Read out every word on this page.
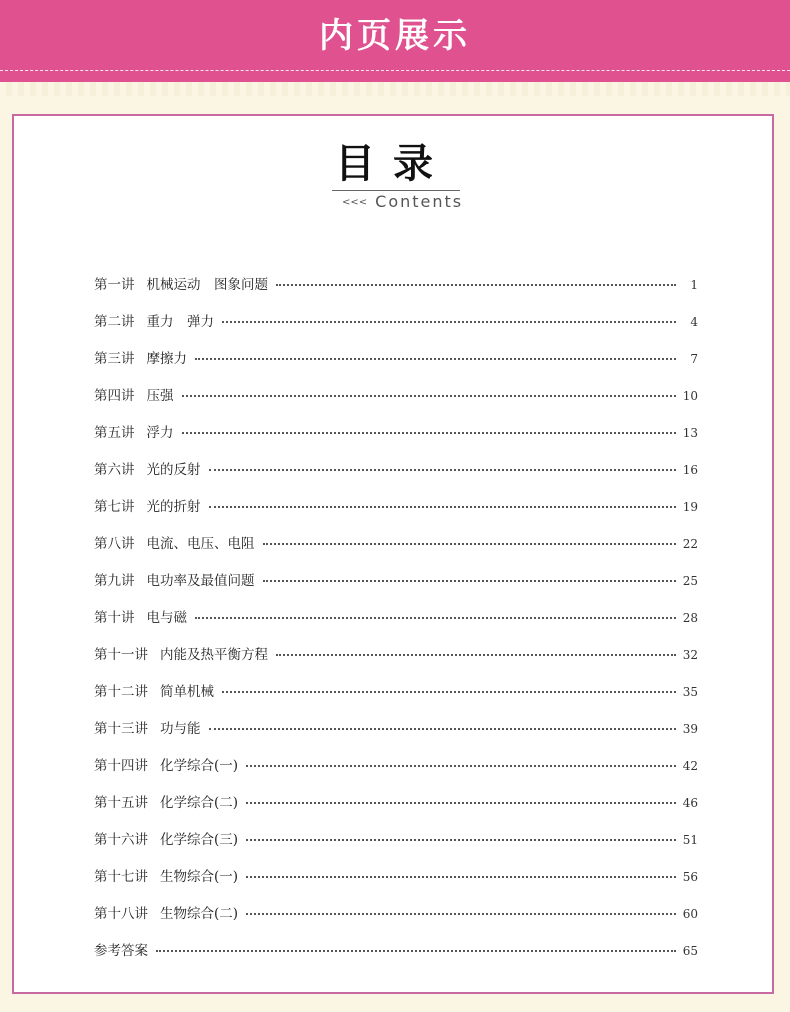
内页展示
目录
<<< Contents
第一讲 机械运动　图象问题	1
第二讲 重力　弹力	4
第三讲 摩擦力	7
第四讲 压强	10
第五讲 浮力	13
第六讲 光的反射	16
第七讲 光的折射	19
第八讲 电流、电压、电阻	22
第九讲 电功率及最值问题	25
第十讲 电与磁	28
第十一讲 内能及热平衡方程	32
第十二讲 简单机械	35
第十三讲 功与能	39
第十四讲 化学综合(一)	42
第十五讲 化学综合(二)	46
第十六讲 化学综合(三)	51
第十七讲 生物综合(一)	56
第十八讲 生物综合(二)	60
参考答案	65
